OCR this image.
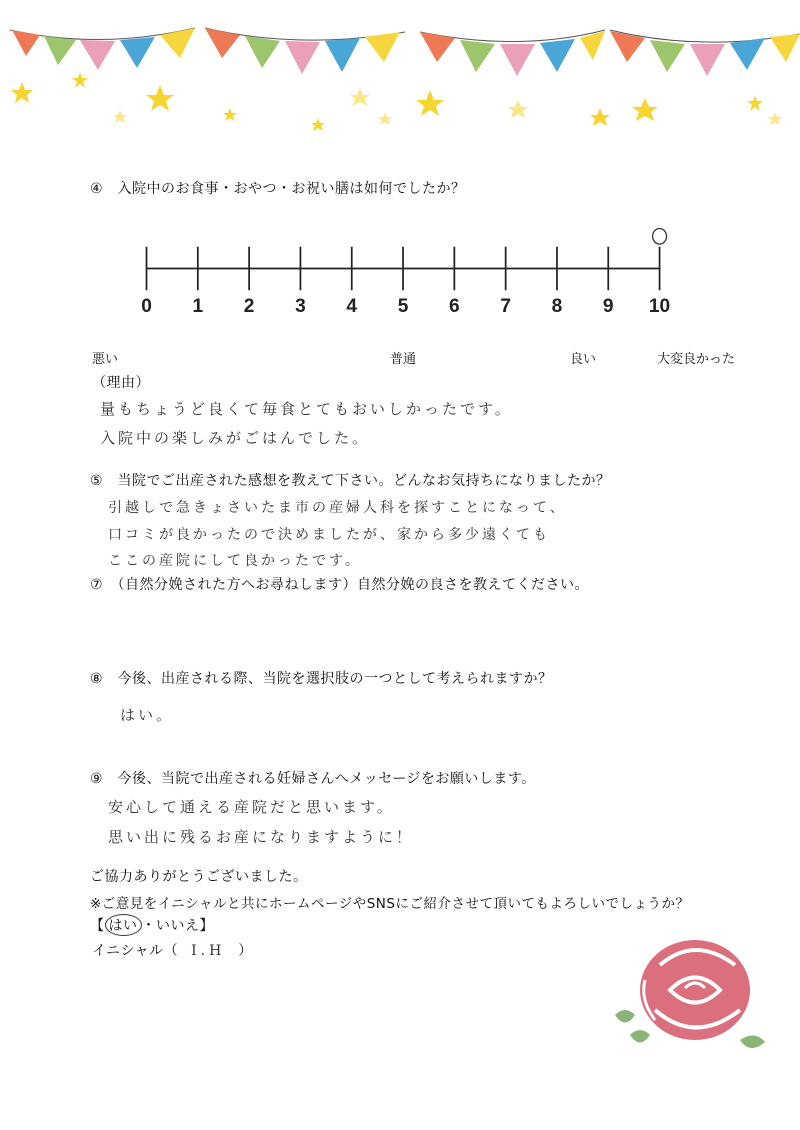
④　入院中のお食事・おやつ・お祝い膳は如何でしたか？
0 1 2 3 4 5 6 7 8 9 10
悪い	普通	良い	大変良かった
（理由）
量もちょうど良くて毎食とてもおいしかったです。
入院中の楽しみがごはんでした。
⑤　当院でご出産された感想を教えて下さい。どんなお気持ちになりましたか？
引越しで急きょさいたま市の産婦人科を探すことになって、
口コミが良かったので決めましたが、家から多少遠くても
ここの産院にして良かったです。
⑦　（自然分娩された方へお尋ねします）自然分娩の良さを教えてください。
⑧　今後、出産される際、当院を選択肢の一つとして考えられますか？
はい。
⑨　今後、当院で出産される妊婦さんへメッセージをお願いします。
安心して通える産院だと思います。
思い出に残るお産になりますように！
ご協力ありがとうございました。
※ご意見をイニシャルと共にホームページやSNSにご紹介させて頂いてもよろしいでしょうか？
【 はい ・いいえ】
イニシャル（ I.H ）
